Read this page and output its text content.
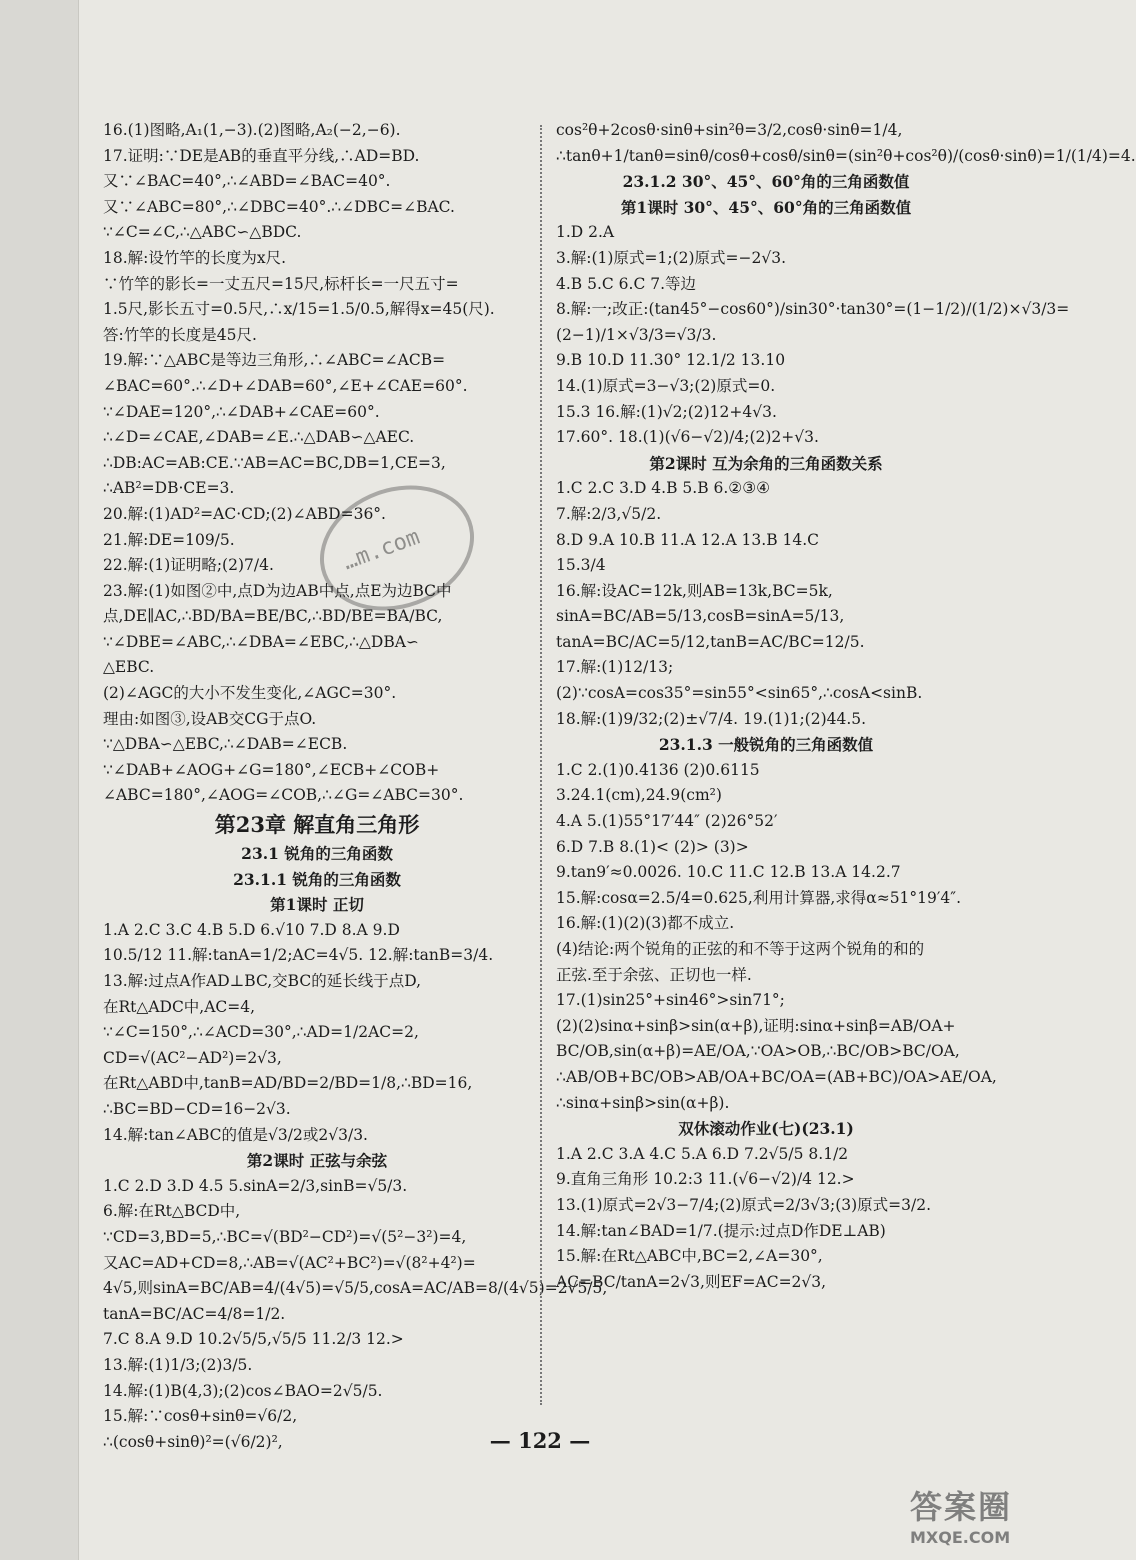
16.(1)图略,A₁(1,−3).(2)图略,A₂(−2,−6).
17.证明:∵DE是AB的垂直平分线,∴AD=BD.
又∵∠BAC=40°,∴∠ABD=∠BAC=40°.
又∵∠ABC=80°,∴∠DBC=40°.∴∠DBC=∠BAC.
∵∠C=∠C,∴△ABC∽△BDC.
18.解:设竹竿的长度为x尺.
∵竹竿的影长=一丈五尺=15尺,标杆长=一尺五寸=
1.5尺,影长五寸=0.5尺,∴x/15=1.5/0.5,解得x=45(尺).
答:竹竿的长度是45尺.
19.解:∵△ABC是等边三角形,∴∠ABC=∠ACB=
∠BAC=60°.∴∠D+∠DAB=60°,∠E+∠CAE=60°.
∵∠DAE=120°,∴∠DAB+∠CAE=60°.
∴∠D=∠CAE,∠DAB=∠E.∴△DAB∽△AEC.
∴DB:AC=AB:CE.∵AB=AC=BC,DB=1,CE=3,
∴AB²=DB·CE=3.
20.解:(1)AD²=AC·CD;(2)∠ABD=36°.
21.解:DE=109/5.
22.解:(1)证明略;(2)7/4.
23.解:(1)如图②中,点D为边AB中点,点E为边BC中
点,DE∥AC,∴BD/BA=BE/BC,∴BD/BE=BA/BC,
∵∠DBE=∠ABC,∴∠DBA=∠EBC,∴△DBA∽
△EBC.
(2)∠AGC的大小不发生变化,∠AGC=30°.
理由:如图③,设AB交CG于点O.
∵△DBA∽△EBC,∴∠DAB=∠ECB.
∵∠DAB+∠AOG+∠G=180°,∠ECB+∠COB+
∠ABC=180°,∠AOG=∠COB,∴∠G=∠ABC=30°.
第23章 解直角三角形
23.1 锐角的三角函数
23.1.1 锐角的三角函数
第1课时 正切
1.A 2.C 3.C 4.B 5.D 6.√10 7.D 8.A 9.D
10.5/12 11.解:tanA=1/2;AC=4√5. 12.解:tanB=3/4.
13.解:过点A作AD⊥BC,交BC的延长线于点D,
在Rt△ADC中,AC=4,
∵∠C=150°,∴∠ACD=30°,∴AD=1/2AC=2,
CD=√(AC²−AD²)=2√3,
在Rt△ABD中,tanB=AD/BD=2/BD=1/8,∴BD=16,
∴BC=BD−CD=16−2√3.
14.解:tan∠ABC的值是√3/2或2√3/3.
第2课时 正弦与余弦
1.C 2.D 3.D 4.5 5.sinA=2/3,sinB=√5/3.
6.解:在Rt△BCD中,
∵CD=3,BD=5,∴BC=√(BD²−CD²)=√(5²−3²)=4,
又AC=AD+CD=8,∴AB=√(AC²+BC²)=√(8²+4²)=
4√5,则sinA=BC/AB=4/(4√5)=√5/5,cosA=AC/AB=8/(4√5)=2√5/5,
tanA=BC/AC=4/8=1/2.
7.C 8.A 9.D 10.2√5/5,√5/5 11.2/3 12.>
13.解:(1)1/3;(2)3/5.
14.解:(1)B(4,3);(2)cos∠BAO=2√5/5.
15.解:∵cosθ+sinθ=√6/2,
∴(cosθ+sinθ)²=(√6/2)²,
cos²θ+2cosθ·sinθ+sin²θ=3/2,cosθ·sinθ=1/4,
∴tanθ+1/tanθ=sinθ/cosθ+cosθ/sinθ=(sin²θ+cos²θ)/(cosθ·sinθ)=1/(1/4)=4.
23.1.2 30°、45°、60°角的三角函数值
第1课时 30°、45°、60°角的三角函数值
1.D 2.A
3.解:(1)原式=1;(2)原式=−2√3.
4.B 5.C 6.C 7.等边
8.解:一;改正:(tan45°−cos60°)/sin30°·tan30°=(1−1/2)/(1/2)×√3/3=
(2−1)/1×√3/3=√3/3.
9.B 10.D 11.30° 12.1/2 13.10
14.(1)原式=3−√3;(2)原式=0.
15.3 16.解:(1)√2;(2)12+4√3.
17.60°. 18.(1)(√6−√2)/4;(2)2+√3.
第2课时 互为余角的三角函数关系
1.C 2.C 3.D 4.B 5.B 6.②③④
7.解:2/3,√5/2.
8.D 9.A 10.B 11.A 12.A 13.B 14.C
15.3/4
16.解:设AC=12k,则AB=13k,BC=5k,
sinA=BC/AB=5/13,cosB=sinA=5/13,
tanA=BC/AC=5/12,tanB=AC/BC=12/5.
17.解:(1)12/13;
(2)∵cosA=cos35°=sin55°<sin65°,∴cosA<sinB.
18.解:(1)9/32;(2)±√7/4. 19.(1)1;(2)44.5.
23.1.3 一般锐角的三角函数值
1.C 2.(1)0.4136 (2)0.6115
3.24.1(cm),24.9(cm²)
4.A 5.(1)55°17′44″ (2)26°52′
6.D 7.B 8.(1)< (2)> (3)>
9.tan9′≈0.0026. 10.C 11.C 12.B 13.A 14.2.7
15.解:cosα=2.5/4=0.625,利用计算器,求得α≈51°19′4″.
16.解:(1)(2)(3)都不成立.
(4)结论:两个锐角的正弦的和不等于这两个锐角的和的
正弦.至于余弦、正切也一样.
17.(1)sin25°+sin46°>sin71°;
(2)(2)sinα+sinβ>sin(α+β),证明:sinα+sinβ=AB/OA+
BC/OB,sin(α+β)=AE/OA,∵OA>OB,∴BC/OB>BC/OA,
∴AB/OB+BC/OB>AB/OA+BC/OA=(AB+BC)/OA>AE/OA,
∴sinα+sinβ>sin(α+β).
双休滚动作业(七)(23.1)
1.A 2.C 3.A 4.C 5.A 6.D 7.2√5/5 8.1/2
9.直角三角形 10.2:3 11.(√6−√2)/4 12.>
13.(1)原式=2√3−7/4;(2)原式=2/3√3;(3)原式=3/2.
14.解:tan∠BAD=1/7.(提示:过点D作DE⊥AB)
15.解:在Rt△ABC中,BC=2,∠A=30°,
AC=BC/tanA=2√3,则EF=AC=2√3,
…m.com
— 122 —
答案圈
MXQE.COM
